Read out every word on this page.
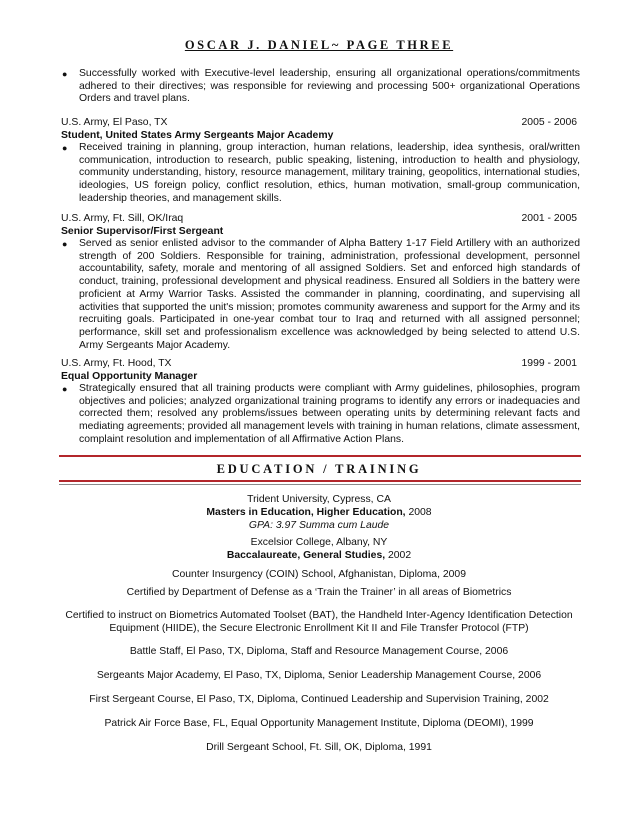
OSCAR J. DANIEL~ PAGE THREE
● Successfully worked with Executive-level leadership, ensuring all organizational operations/commitments adhered to their directives; was responsible for reviewing and processing 500+ organizational Operations Orders and travel plans.
U.S. Army, El Paso, TX	2005 - 2006
Student, United States Army Sergeants Major Academy
● Received training in planning, group interaction, human relations, leadership, idea synthesis, oral/written communication, introduction to research, public speaking, listening, introduction to health and physiology, community understanding, history, resource management, military training, geopolitics, international studies, ideologies, US foreign policy, conflict resolution, ethics, human motivation, small-group communication, leadership theories, and management skills.
U.S. Army, Ft. Sill, OK/Iraq	2001 - 2005
Senior Supervisor/First Sergeant
● Served as senior enlisted advisor to the commander of Alpha Battery 1-17 Field Artillery with an authorized strength of 200 Soldiers. Responsible for training, administration, professional development, personnel accountability, safety, morale and mentoring of all assigned Soldiers. Set and enforced high standards of conduct, training, professional development and physical readiness. Ensured all Soldiers in the battery were proficient at Army Warrior Tasks. Assisted the commander in planning, coordinating, and supervising all activities that supported the unit's mission; promotes community awareness and support for the Army and its recruiting goals. Participated in one-year combat tour to Iraq and returned with all assigned personnel; performance, skill set and professionalism excellence was acknowledged by being selected to attend U.S. Army Sergeants Major Academy.
U.S. Army, Ft. Hood, TX	1999 - 2001
Equal Opportunity Manager
● Strategically ensured that all training products were compliant with Army guidelines, philosophies, program objectives and policies; analyzed organizational training programs to identify any errors or inadequacies and corrected them; resolved any problems/issues between operating units by determining relevant facts and mediating agreements; provided all management levels with training in human relations, climate assessment, complaint resolution and implementation of all Affirmative Action Plans.
EDUCATION / TRAINING
Trident University, Cypress, CA
Masters in Education, Higher Education, 2008
GPA: 3.97 Summa cum Laude
Excelsior College, Albany, NY
Baccalaureate, General Studies, 2002
Counter Insurgency (COIN) School, Afghanistan, Diploma, 2009
Certified by Department of Defense as a ‘Train the Trainer’ in all areas of Biometrics
Certified to instruct on Biometrics Automated Toolset (BAT), the Handheld Inter-Agency Identification Detection Equipment (HIIDE), the Secure Electronic Enrollment Kit II and File Transfer Protocol (FTP)
Battle Staff, El Paso, TX, Diploma, Staff and Resource Management Course, 2006
Sergeants Major Academy, El Paso, TX, Diploma, Senior Leadership Management Course, 2006
First Sergeant Course, El Paso, TX, Diploma, Continued Leadership and Supervision Training, 2002
Patrick Air Force Base, FL, Equal Opportunity Management Institute, Diploma (DEOMI), 1999
Drill Sergeant School, Ft. Sill, OK, Diploma, 1991
